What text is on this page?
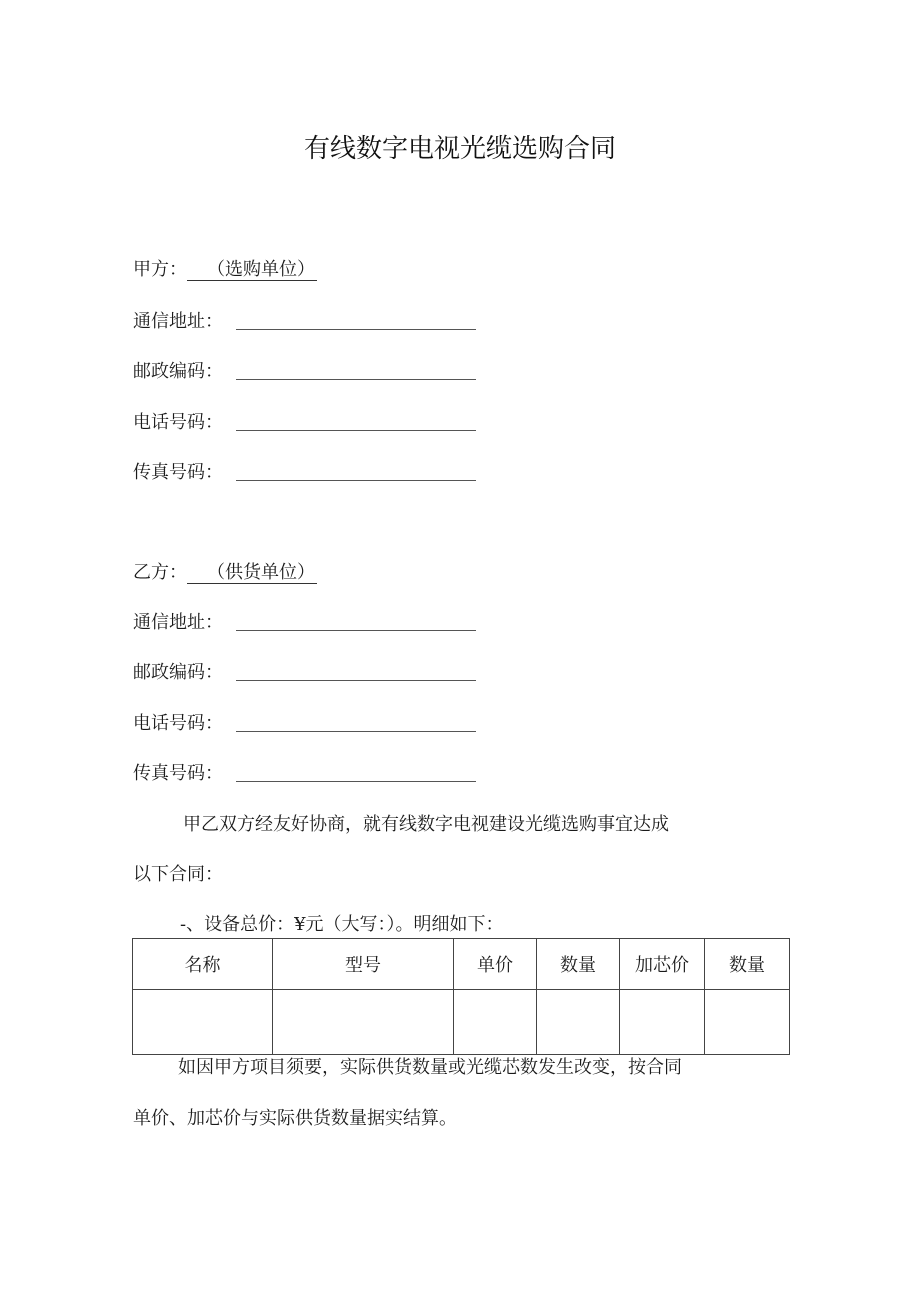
有线数字电视光缆选购合同
甲方： （选购单位）
通信地址：
邮政编码：
电话号码：
传真号码：
乙方： （供货单位）
通信地址：
邮政编码：
电话号码：
传真号码：
甲乙双方经友好协商，就有线数字电视建设光缆选购事宜达成
以下合同：
-、设备总价：¥元（大写：）。明细如下：
名称	型号	单价	数量	加芯价	数量

如因甲方项目须要，实际供货数量或光缆芯数发生改变，按合同
单价、加芯价与实际供货数量据实结算。
